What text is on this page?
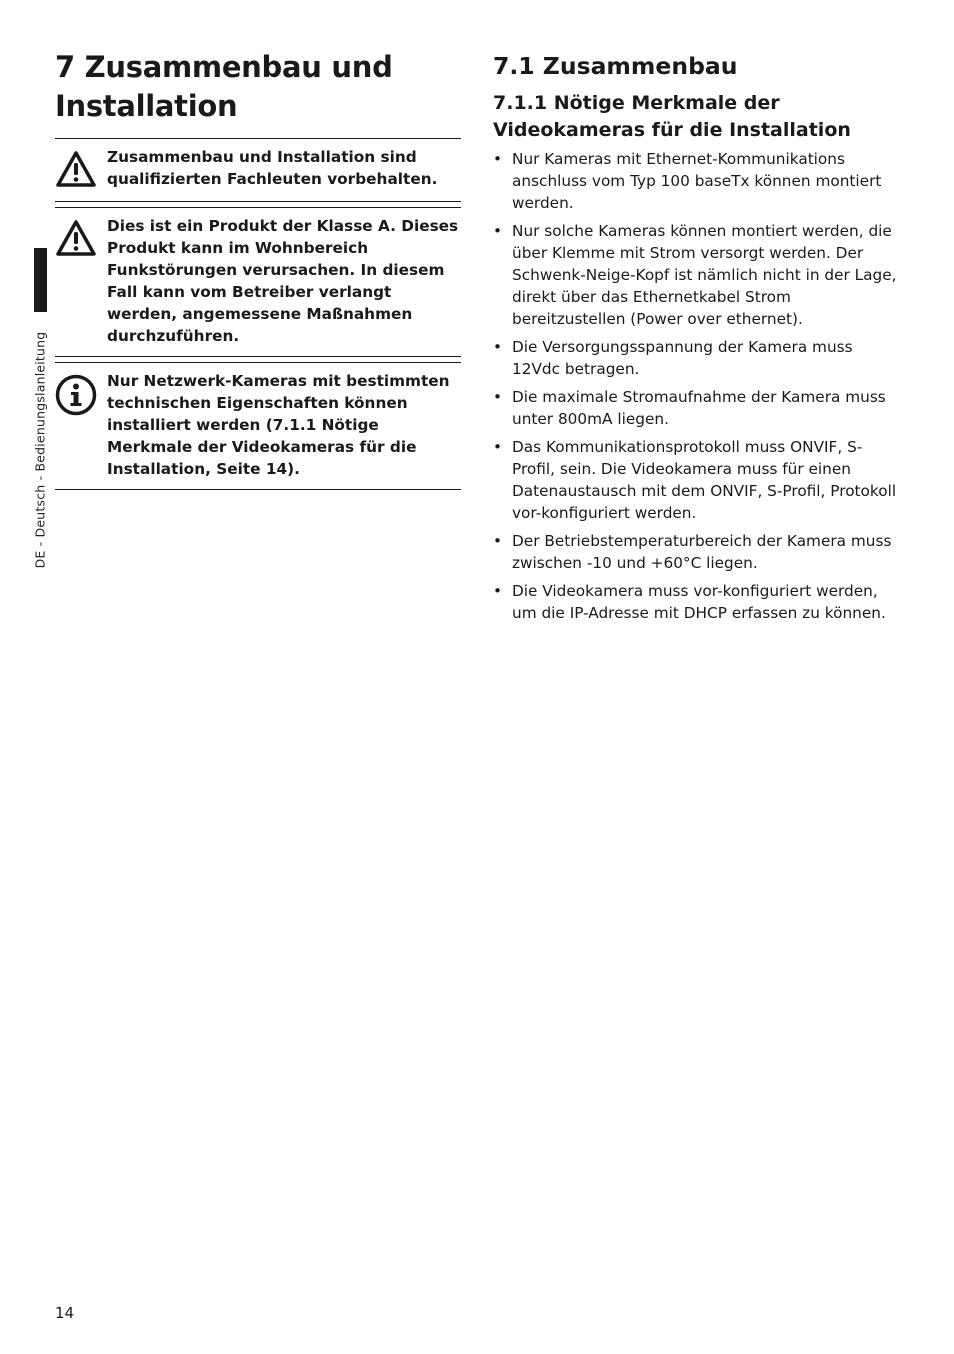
DE - Deutsch - Bedienungslanleitung
7 Zusammenbau und Installation
Zusammenbau und Installation sind qualifizierten Fachleuten vorbehalten.
Dies ist ein Produkt der Klasse A. Dieses Produkt kann im Wohnbereich Funkstörungen verursachen. In diesem Fall kann vom Betreiber verlangt werden, angemessene Maßnahmen durchzuführen.
Nur Netzwerk-Kameras mit bestimmten technischen Eigenschaften können installiert werden (7.1.1 Nötige Merkmale der Videokameras für die Installation, Seite 14).
7.1 Zusammenbau
7.1.1 Nötige Merkmale der Videokameras für die Installation
• Nur Kameras mit Ethernet-Kommunikations anschluss vom Typ 100 baseTx können montiert werden.
• Nur solche Kameras können montiert werden, die über Klemme mit Strom versorgt werden. Der Schwenk-Neige-Kopf ist nämlich nicht in der Lage, direkt über das Ethernetkabel Strom bereitzustellen (Power over ethernet).
• Die Versorgungsspannung der Kamera muss 12Vdc betragen.
• Die maximale Stromaufnahme der Kamera muss unter 800mA liegen.
• Das Kommunikationsprotokoll muss ONVIF, S-Profil, sein. Die Videokamera muss für einen Datenaustausch mit dem ONVIF, S-Profil, Protokoll vor-konfiguriert werden.
• Der Betriebstemperaturbereich der Kamera muss zwischen -10 und +60°C liegen.
• Die Videokamera muss vor-konfiguriert werden, um die IP-Adresse mit DHCP erfassen zu können.
14
